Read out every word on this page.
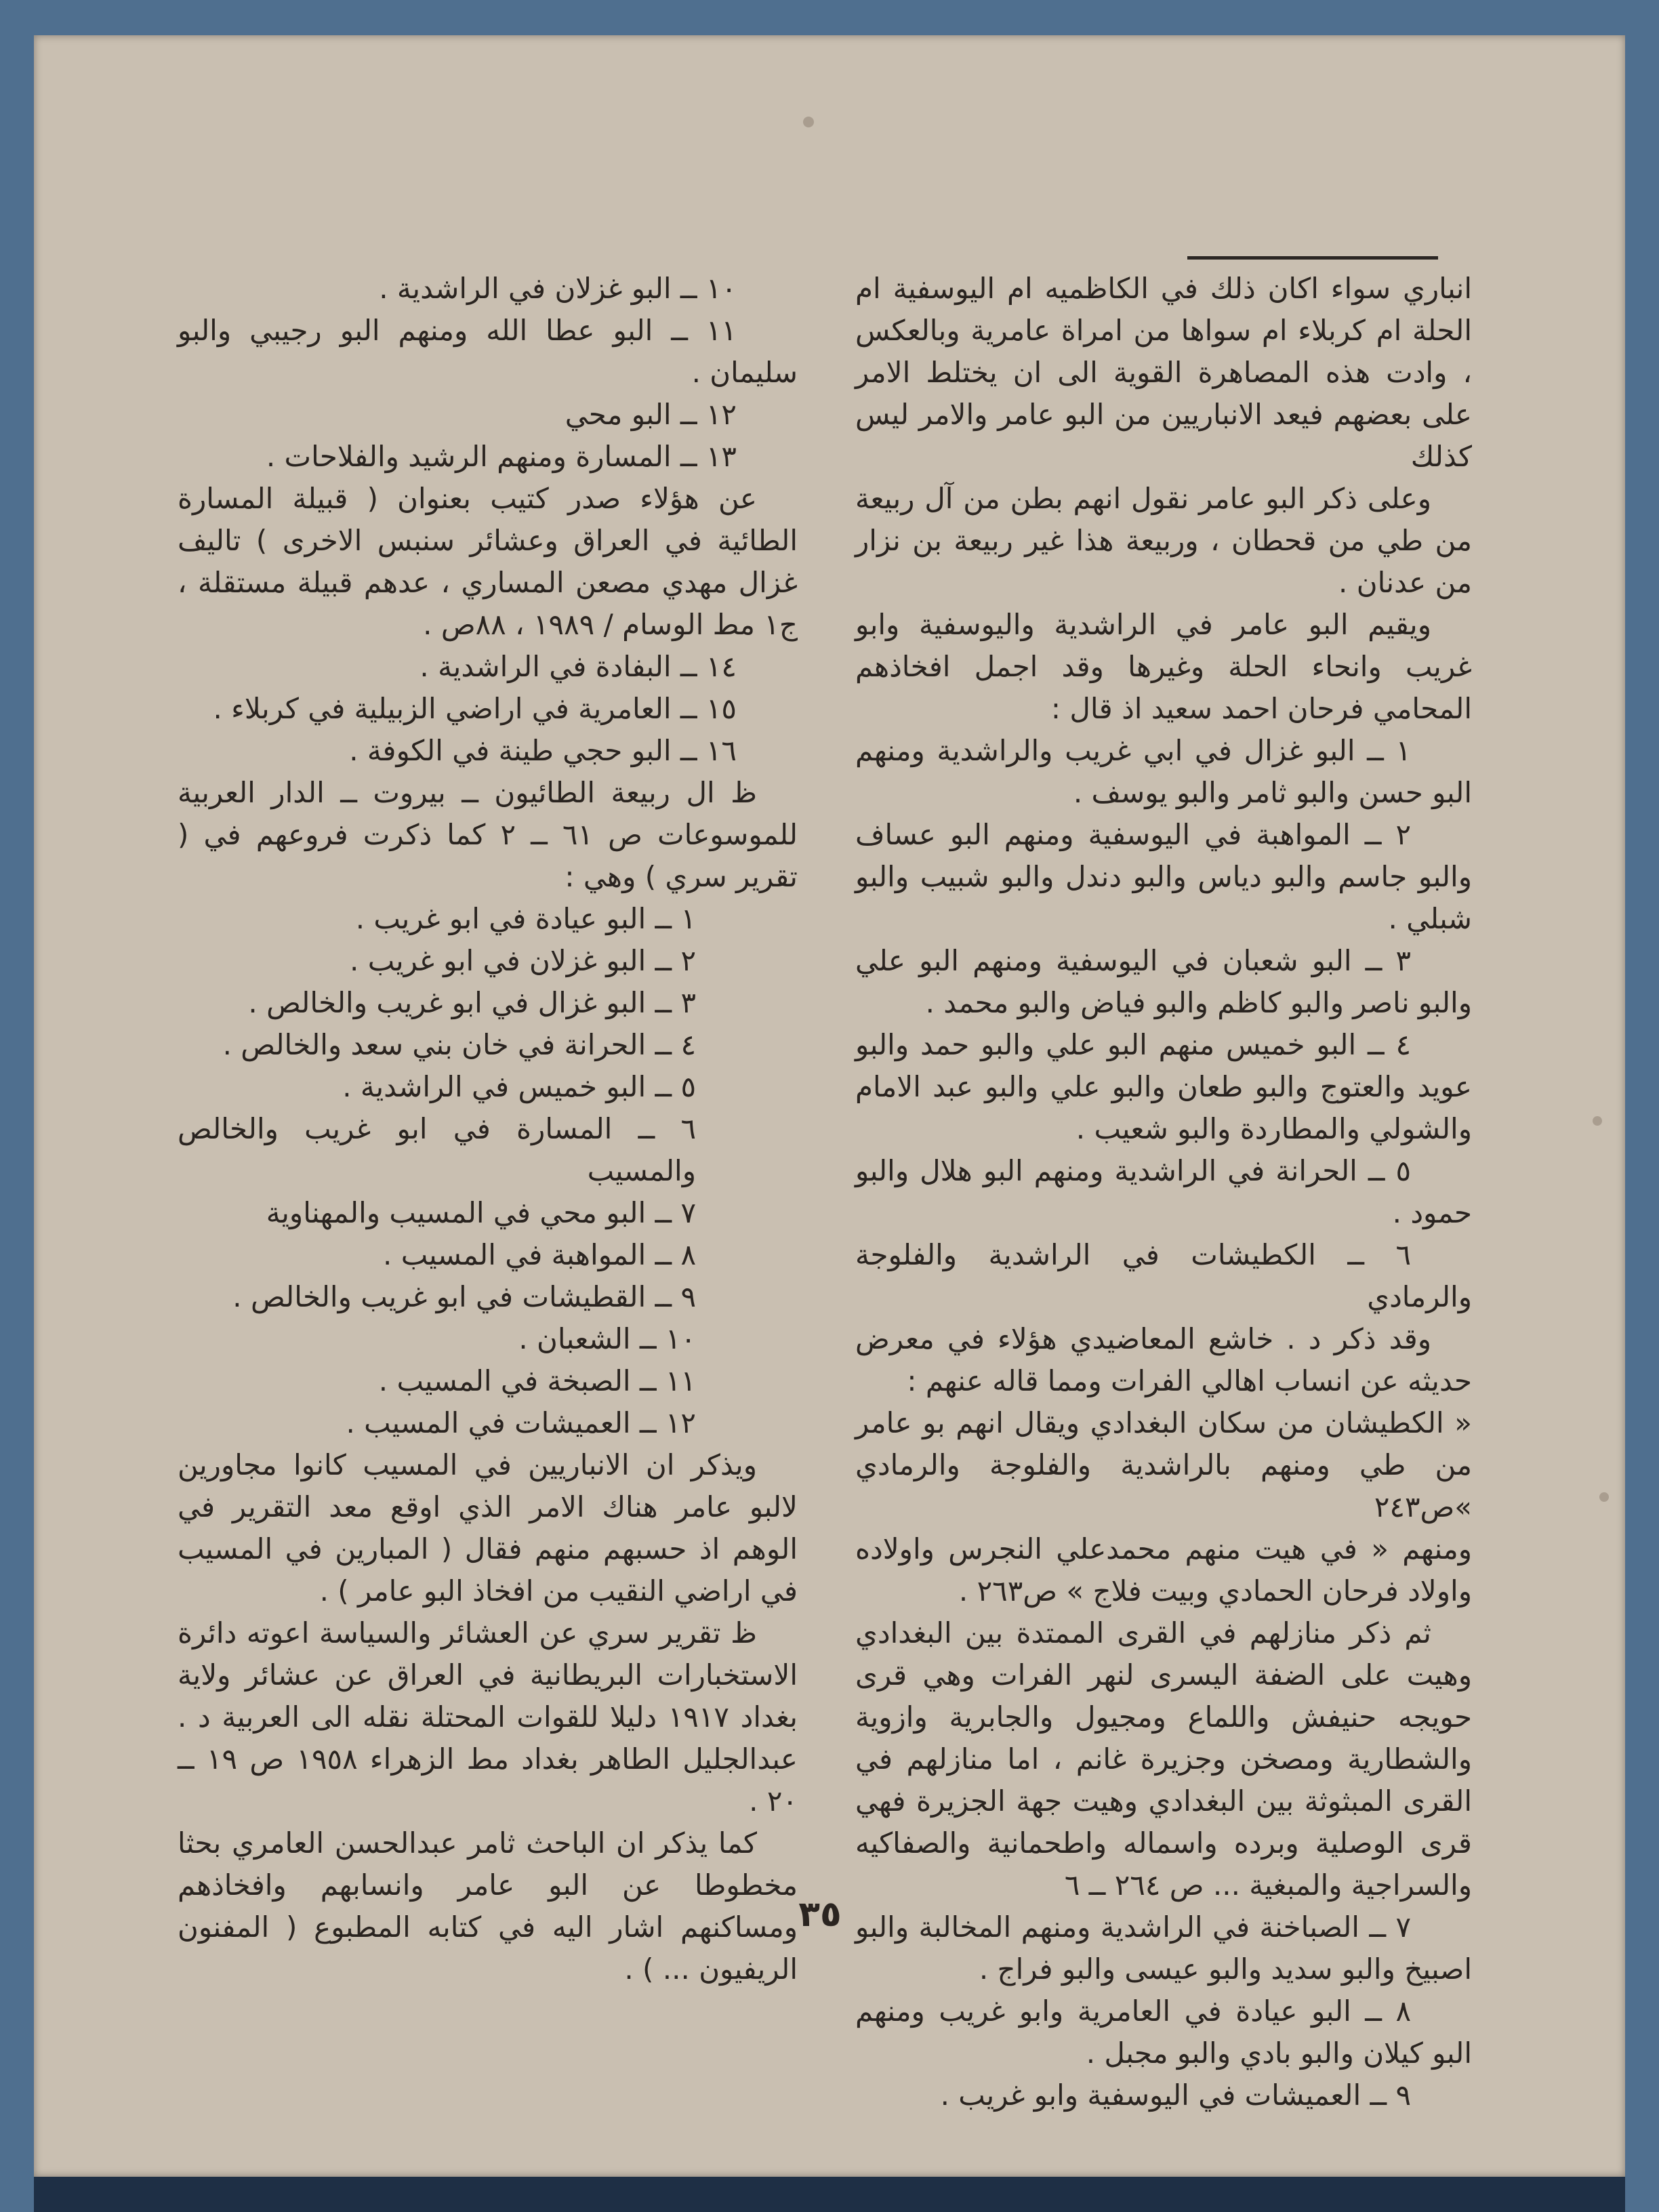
انباري سواء اكان ذلك في الكاظميه ام اليوسفية ام الحلة ام كربلاء ام سواها من امراة عامرية وبالعكس ، وادت هذه المصاهرة القوية الى ان يختلط الامر على بعضهم فيعد الانباريين من البو عامر والامر ليس كذلك

وعلى ذكر البو عامر نقول انهم بطن من آل ربيعة من طي من قحطان ، وربيعة هذا غير ربيعة بن نزار من عدنان .

ويقيم البو عامر في الراشدية واليوسفية وابو غريب وانحاء الحلة وغيرها وقد اجمل افخاذهم المحامي فرحان احمد سعيد اذ قال :

١ ــ البو غزال في ابي غريب والراشدية ومنهم البو حسن والبو ثامر والبو يوسف .

٢ ــ المواهبة في اليوسفية ومنهم البو عساف والبو جاسم والبو دياس والبو دندل والبو شبيب والبو شبلي .

٣ ــ البو شعبان في اليوسفية ومنهم البو علي والبو ناصر والبو كاظم والبو فياض والبو محمد .

٤ ــ البو خميس منهم البو علي والبو حمد والبو عويد والعتوج والبو طعان والبو علي والبو عبد الامام والشولي والمطاردة والبو شعيب .

٥ ــ الحرانة في الراشدية ومنهم البو هلال والبو حمود .

٦ ــ الكطيشات في الراشدية والفلوجة والرمادي

وقد ذكر د . خاشع المعاضيدي هؤلاء في معرض حديثه عن انساب اهالي الفرات ومما قاله عنهم :

« الكطيشان من سكان البغدادي ويقال انهم بو عامر من طي ومنهم بالراشدية والفلوجة والرمادي »ص٢٤٣

ومنهم « في هيت منهم محمدعلي النجرس واولاده واولاد فرحان الحمادي وبيت فلاج » ص٢٦٣ .

ثم ذكر منازلهم في القرى الممتدة بين البغدادي وهيت على الضفة اليسرى لنهر الفرات وهي قرى حويجه حنيفش واللماع ومجيول والجابرية وازوية والشطارية ومصخن وجزيرة غانم ، اما منازلهم في القرى المبثوثة بين البغدادي وهيت جهة الجزيرة فهي قرى الوصلية وبرده واسماله واطحمانية والصفاكيه والسراجية والمبغية ... ص ٢٦٤ ــ ٦

٧ ــ الصباخنة في الراشدية ومنهم المخالبة والبو اصبيخ والبو سديد والبو عيسى والبو فراج .

٨ ــ البو عيادة في العامرية وابو غريب ومنهم البو كيلان والبو بادي والبو مجبل .

٩ ــ العميشات في اليوسفية وابو غريب .

١٠ ــ البو غزلان في الراشدية .

١١ ــ البو عطا الله ومنهم البو رجيبي والبو سليمان .

١٢ ــ البو محي

١٣ ــ المسارة ومنهم الرشيد والفلاحات .

عن هؤلاء صدر كتيب بعنوان ( قبيلة المسارة الطائية في العراق وعشائر سنبس الاخرى ) تاليف غزال مهدي مصعن المساري ، عدهم قبيلة مستقلة ، ج١ مط الوسام / ١٩٨٩ ، ٨٨ص .

١٤ ــ البفادة في الراشدية .

١٥ ــ العامرية في اراضي الزبيلية في كربلاء .

١٦ ــ البو حجي طينة في الكوفة .

ظ ال ربيعة الطائيون ــ بيروت ــ الدار العربية للموسوعات ص ٦١ ــ ٢ كما ذكرت فروعهم في ( تقرير سري ) وهي :

١ ــ البو عيادة في ابو غريب .

٢ ــ البو غزلان في ابو غريب .

٣ ــ البو غزال في ابو غريب والخالص .

٤ ــ الحرانة في خان بني سعد والخالص .

٥ ــ البو خميس في الراشدية .

٦ ــ المسارة في ابو غريب والخالص والمسيب

٧ ــ البو محي في المسيب والمهناوية

٨ ــ المواهبة في المسيب .

٩ ــ القطيشات في ابو غريب والخالص .

١٠ ــ الشعبان .

١١ ــ الصبخة في المسيب .

١٢ ــ العميشات في المسيب .

ويذكر ان الانباريين في المسيب كانوا مجاورين لالبو عامر هناك الامر الذي اوقع معد التقرير في الوهم اذ حسبهم منهم فقال ( المبارين في المسيب في اراضي النقيب من افخاذ البو عامر ) .

ظ تقرير سري عن العشائر والسياسة اعوته دائرة الاستخبارات البريطانية في العراق عن عشائر ولاية بغداد ١٩١٧ دليلا للقوات المحتلة نقله الى العربية د . عبدالجليل الطاهر بغداد مط الزهراء ١٩٥٨ ص ١٩ ــ ٢٠ .

كما يذكر ان الباحث ثامر عبدالحسن العامري بحثا مخطوطا عن البو عامر وانسابهم وافخاذهم ومساكنهم اشار اليه في كتابه المطبوع ( المفنون الريفيون ... ) .

٣٥
